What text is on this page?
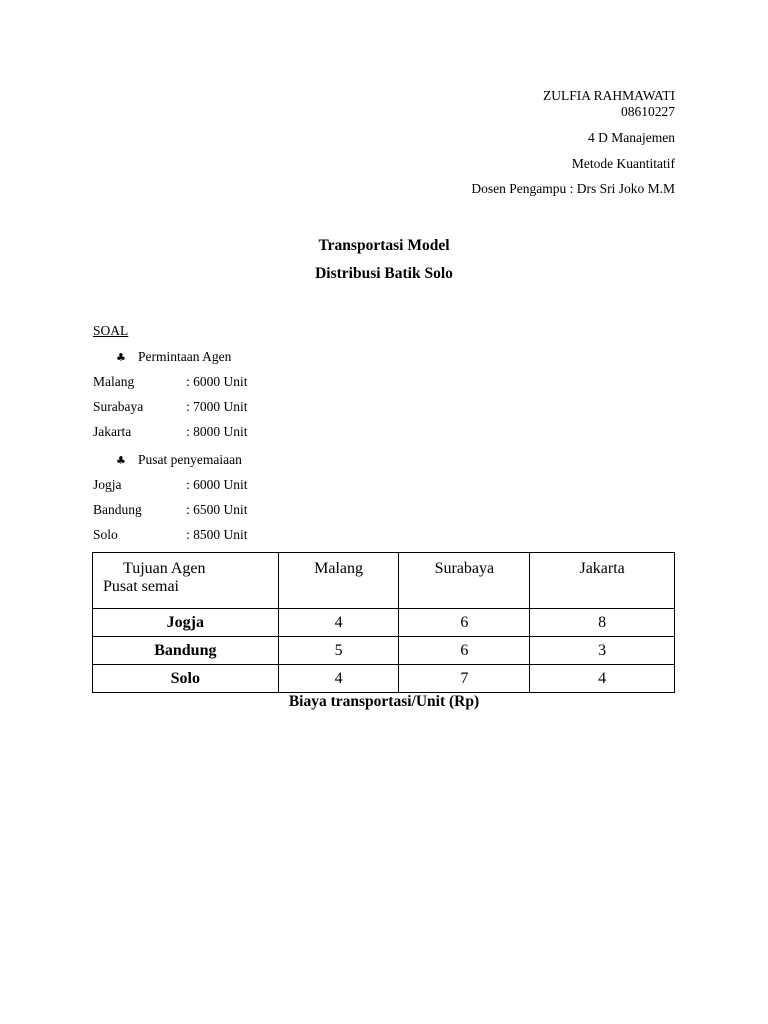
ZULFIA RAHMAWATI
08610227
4 D Manajemen
Metode Kuantitatif
Dosen Pengampu : Drs Sri Joko M.M
Transportasi Model
Distribusi Batik Solo
SOAL
♣ Permintaan Agen
Malang	: 6000 Unit
Surabaya	: 7000 Unit
Jakarta	: 8000 Unit
♣ Pusat penyemaiaan
Jogja	: 6000 Unit
Bandung	: 6500 Unit
Solo	: 8500 Unit
Tujuan Agen
Pusat semai	Malang	Surabaya	Jakarta
Jogja	4	6	8
Bandung	5	6	3
Solo	4	7	4
Biaya transportasi/Unit (Rp)
